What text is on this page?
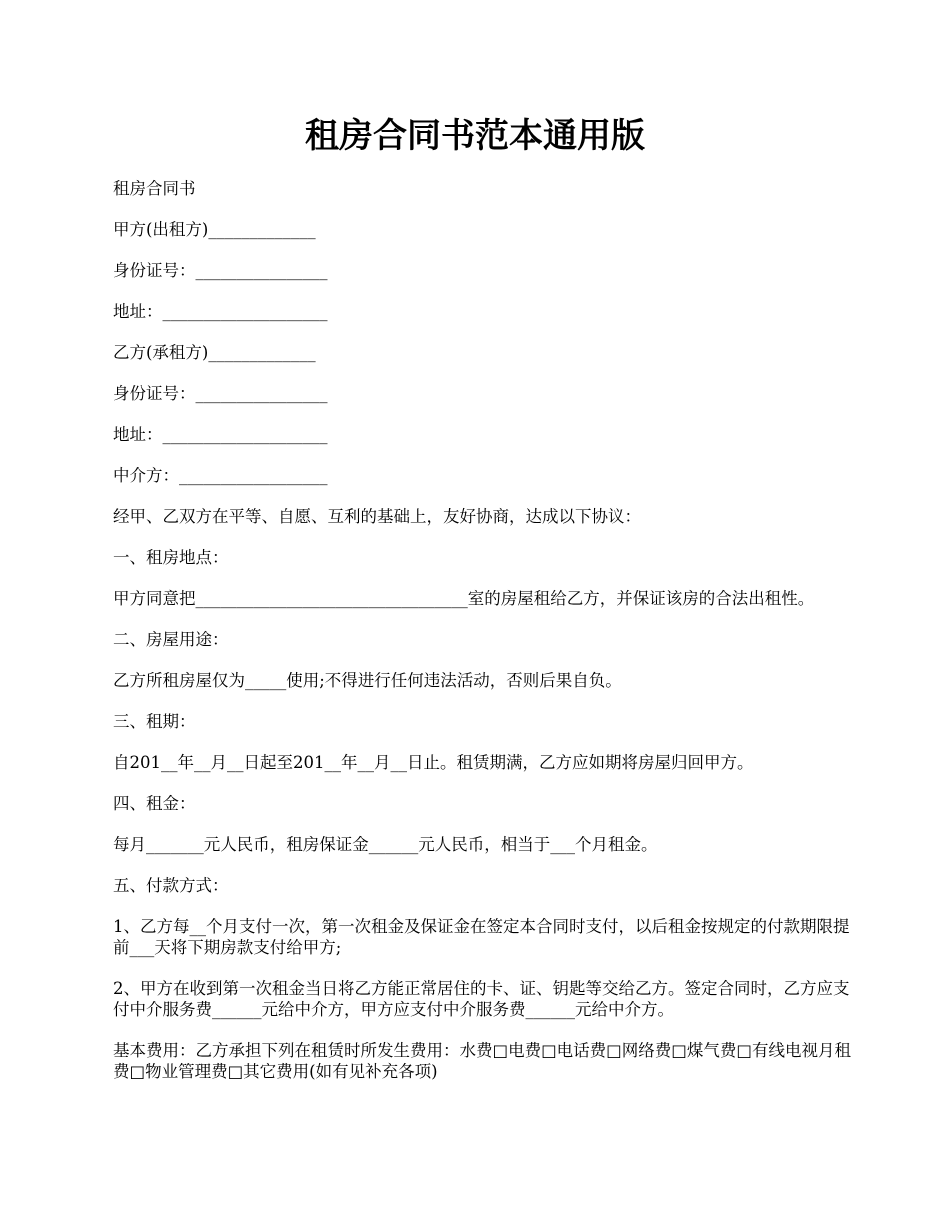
租房合同书范本通用版

租房合同书

甲方(出租方)_____________

身份证号：________________

地址：____________________

乙方(承租方)_____________

身份证号：________________

地址：____________________

中介方：__________________

经甲、乙双方在平等、自愿、互利的基础上，友好协商，达成以下协议：

一、租房地点：

甲方同意把_________________________________室的房屋租给乙方，并保证该房的合法出租性。

二、房屋用途：

乙方所租房屋仅为_____使用;不得进行任何违法活动，否则后果自负。

三、租期：

自201__年__月__日起至201__年__月__日止。租赁期满，乙方应如期将房屋归回甲方。

四、租金：

每月_______元人民币，租房保证金______元人民币，相当于___个月租金。

五、付款方式：

1、乙方每__个月支付一次，第一次租金及保证金在签定本合同时支付，以后租金按规定的付款期限提前___天将下期房款支付给甲方;

2、甲方在收到第一次租金当日将乙方能正常居住的卡、证、钥匙等交给乙方。签定合同时，乙方应支付中介服务费______元给中介方，甲方应支付中介服务费______元给中介方。

基本费用：乙方承担下列在租赁时所发生费用：水费□电费□电话费□网络费□煤气费□有线电视月租费□物业管理费□其它费用(如有见补充各项)
